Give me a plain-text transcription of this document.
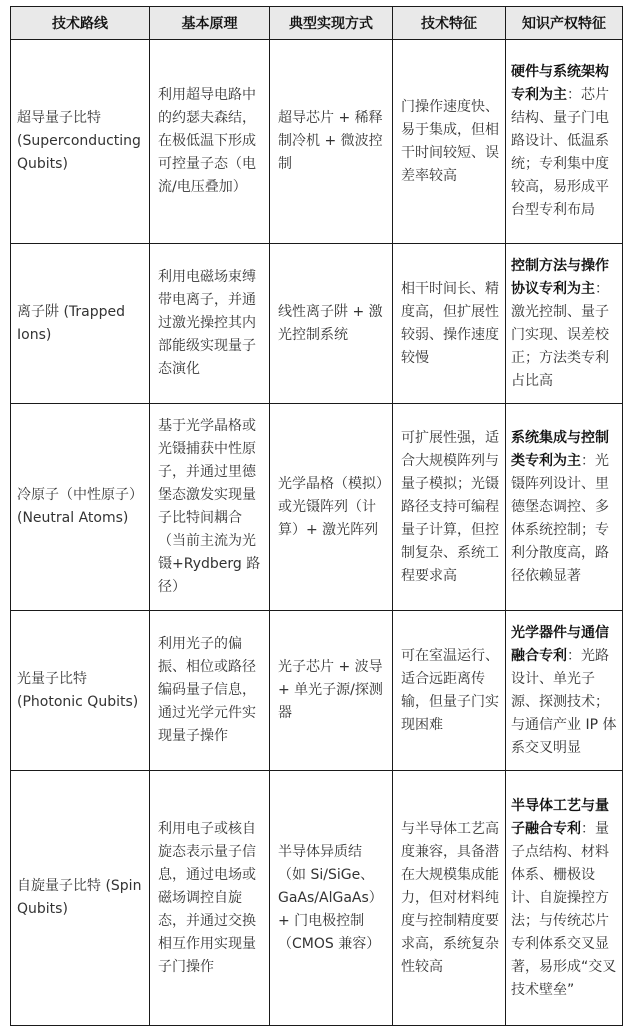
技术路线	基本原理	典型实现方式	技术特征	知识产权特征
超导量子比特 (Superconducting Qubits)	利用超导电路中的约瑟夫森结，在极低温下形成可控量子态（电流/电压叠加）	超导芯片 + 稀释制冷机 + 微波控制	门操作速度快、易于集成，但相干时间较短、误差率较高	硬件与系统架构专利为主：芯片结构、量子门电路设计、低温系统；专利集中度较高，易形成平台型专利布局
离子阱 (Trapped Ions)	利用电磁场束缚带电离子，并通过激光操控其内部能级实现量子态演化	线性离子阱 + 激光控制系统	相干时间长、精度高，但扩展性较弱、操作速度较慢	控制方法与操作协议专利为主：激光控制、量子门实现、误差校正；方法类专利占比高
冷原子（中性原子）(Neutral Atoms)	基于光学晶格或光镊捕获中性原子，并通过里德堡态激发实现量子比特间耦合（当前主流为光镊+Rydberg 路径）	光学晶格（模拟）或光镊阵列（计算）+ 激光阵列	可扩展性强，适合大规模阵列与量子模拟；光镊路径支持可编程量子计算，但控制复杂、系统工程要求高	系统集成与控制类专利为主：光镊阵列设计、里德堡态调控、多体系统控制；专利分散度高，路径依赖显著
光量子比特 (Photonic Qubits)	利用光子的偏振、相位或路径编码量子信息，通过光学元件实现量子操作	光子芯片 + 波导 + 单光子源/探测器	可在室温运行、适合远距离传输，但量子门实现困难	光学器件与通信融合专利：光路设计、单光子源、探测技术；与通信产业 IP 体系交叉明显
自旋量子比特 (Spin Qubits)	利用电子或核自旋态表示量子信息，通过电场或磁场调控自旋态，并通过交换相互作用实现量子门操作	半导体异质结（如 Si/SiGe、GaAs/AlGaAs）+ 门电极控制（CMOS 兼容）	与半导体工艺高度兼容，具备潜在大规模集成能力，但对材料纯度与控制精度要求高，系统复杂性较高	半导体工艺与量子融合专利：量子点结构、材料体系、栅极设计、自旋操控方法；与传统芯片专利体系交叉显著，易形成“交叉技术壁垒”
